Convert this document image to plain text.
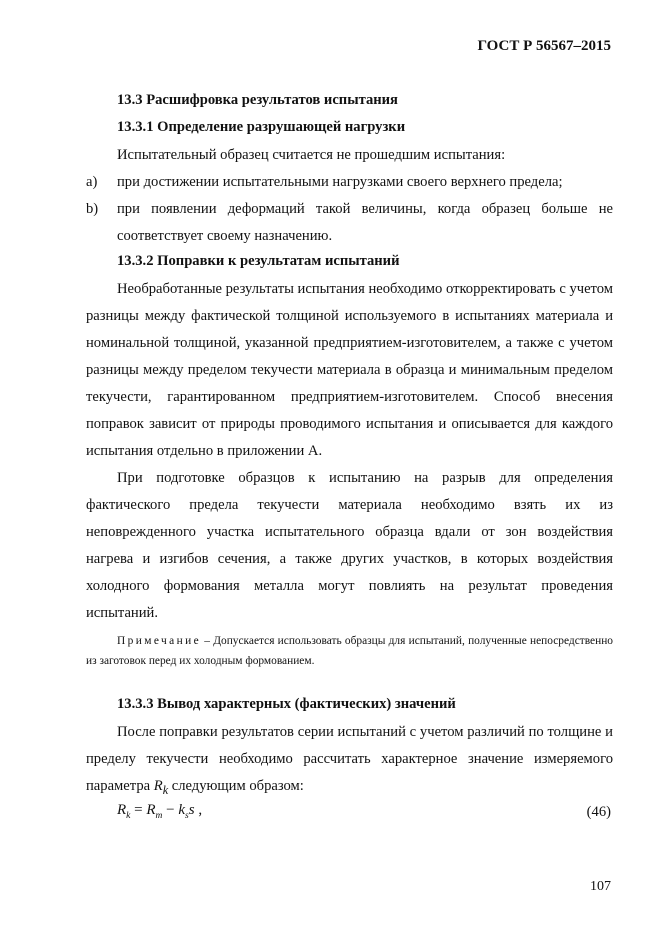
ГОСТ Р 56567–2015
13.3 Расшифровка результатов испытания
13.3.1 Определение разрушающей нагрузки

Испытательный образец считается не прошедшим испытания:

a)	при достижении испытательными нагрузками своего верхнего предела;
b)	при появлении деформаций такой величины, когда образец больше не соответствует своему назначению.
13.3.2 Поправки к результатам испытаний

Необработанные результаты испытания необходимо откорректировать с учетом разницы между фактической толщиной используемого в испытаниях материала и номинальной толщиной, указанной предприятием-изготовителем, а также с учетом разницы между пределом текучести материала в образца и минимальным пределом текучести, гарантированном предприятием-изготовителем. Способ внесения поправок зависит от природы проводимого испытания и описывается для каждого испытания отдельно в приложении А.

При подготовке образцов к испытанию на разрыв для определения фактического предела текучести материала необходимо взять их из неповрежденного участка испытательного образца вдали от зон воздействия нагрева и изгибов сечения, а также других участков, в которых воздействия холодного формования металла могут повлиять на результат проведения испытаний.

Примечание – Допускается использовать образцы для испытаний, полученные непосредственно из заготовок перед их холодным формованием.

13.3.3 Вывод характерных (фактических) значений

После поправки результатов серии испытаний с учетом различий по толщине и пределу текучести необходимо рассчитать характерное значение измеряемого параметра $R_k$ следующим образом:

$R_k = R_m - k_ss$ ,	(46)
107
